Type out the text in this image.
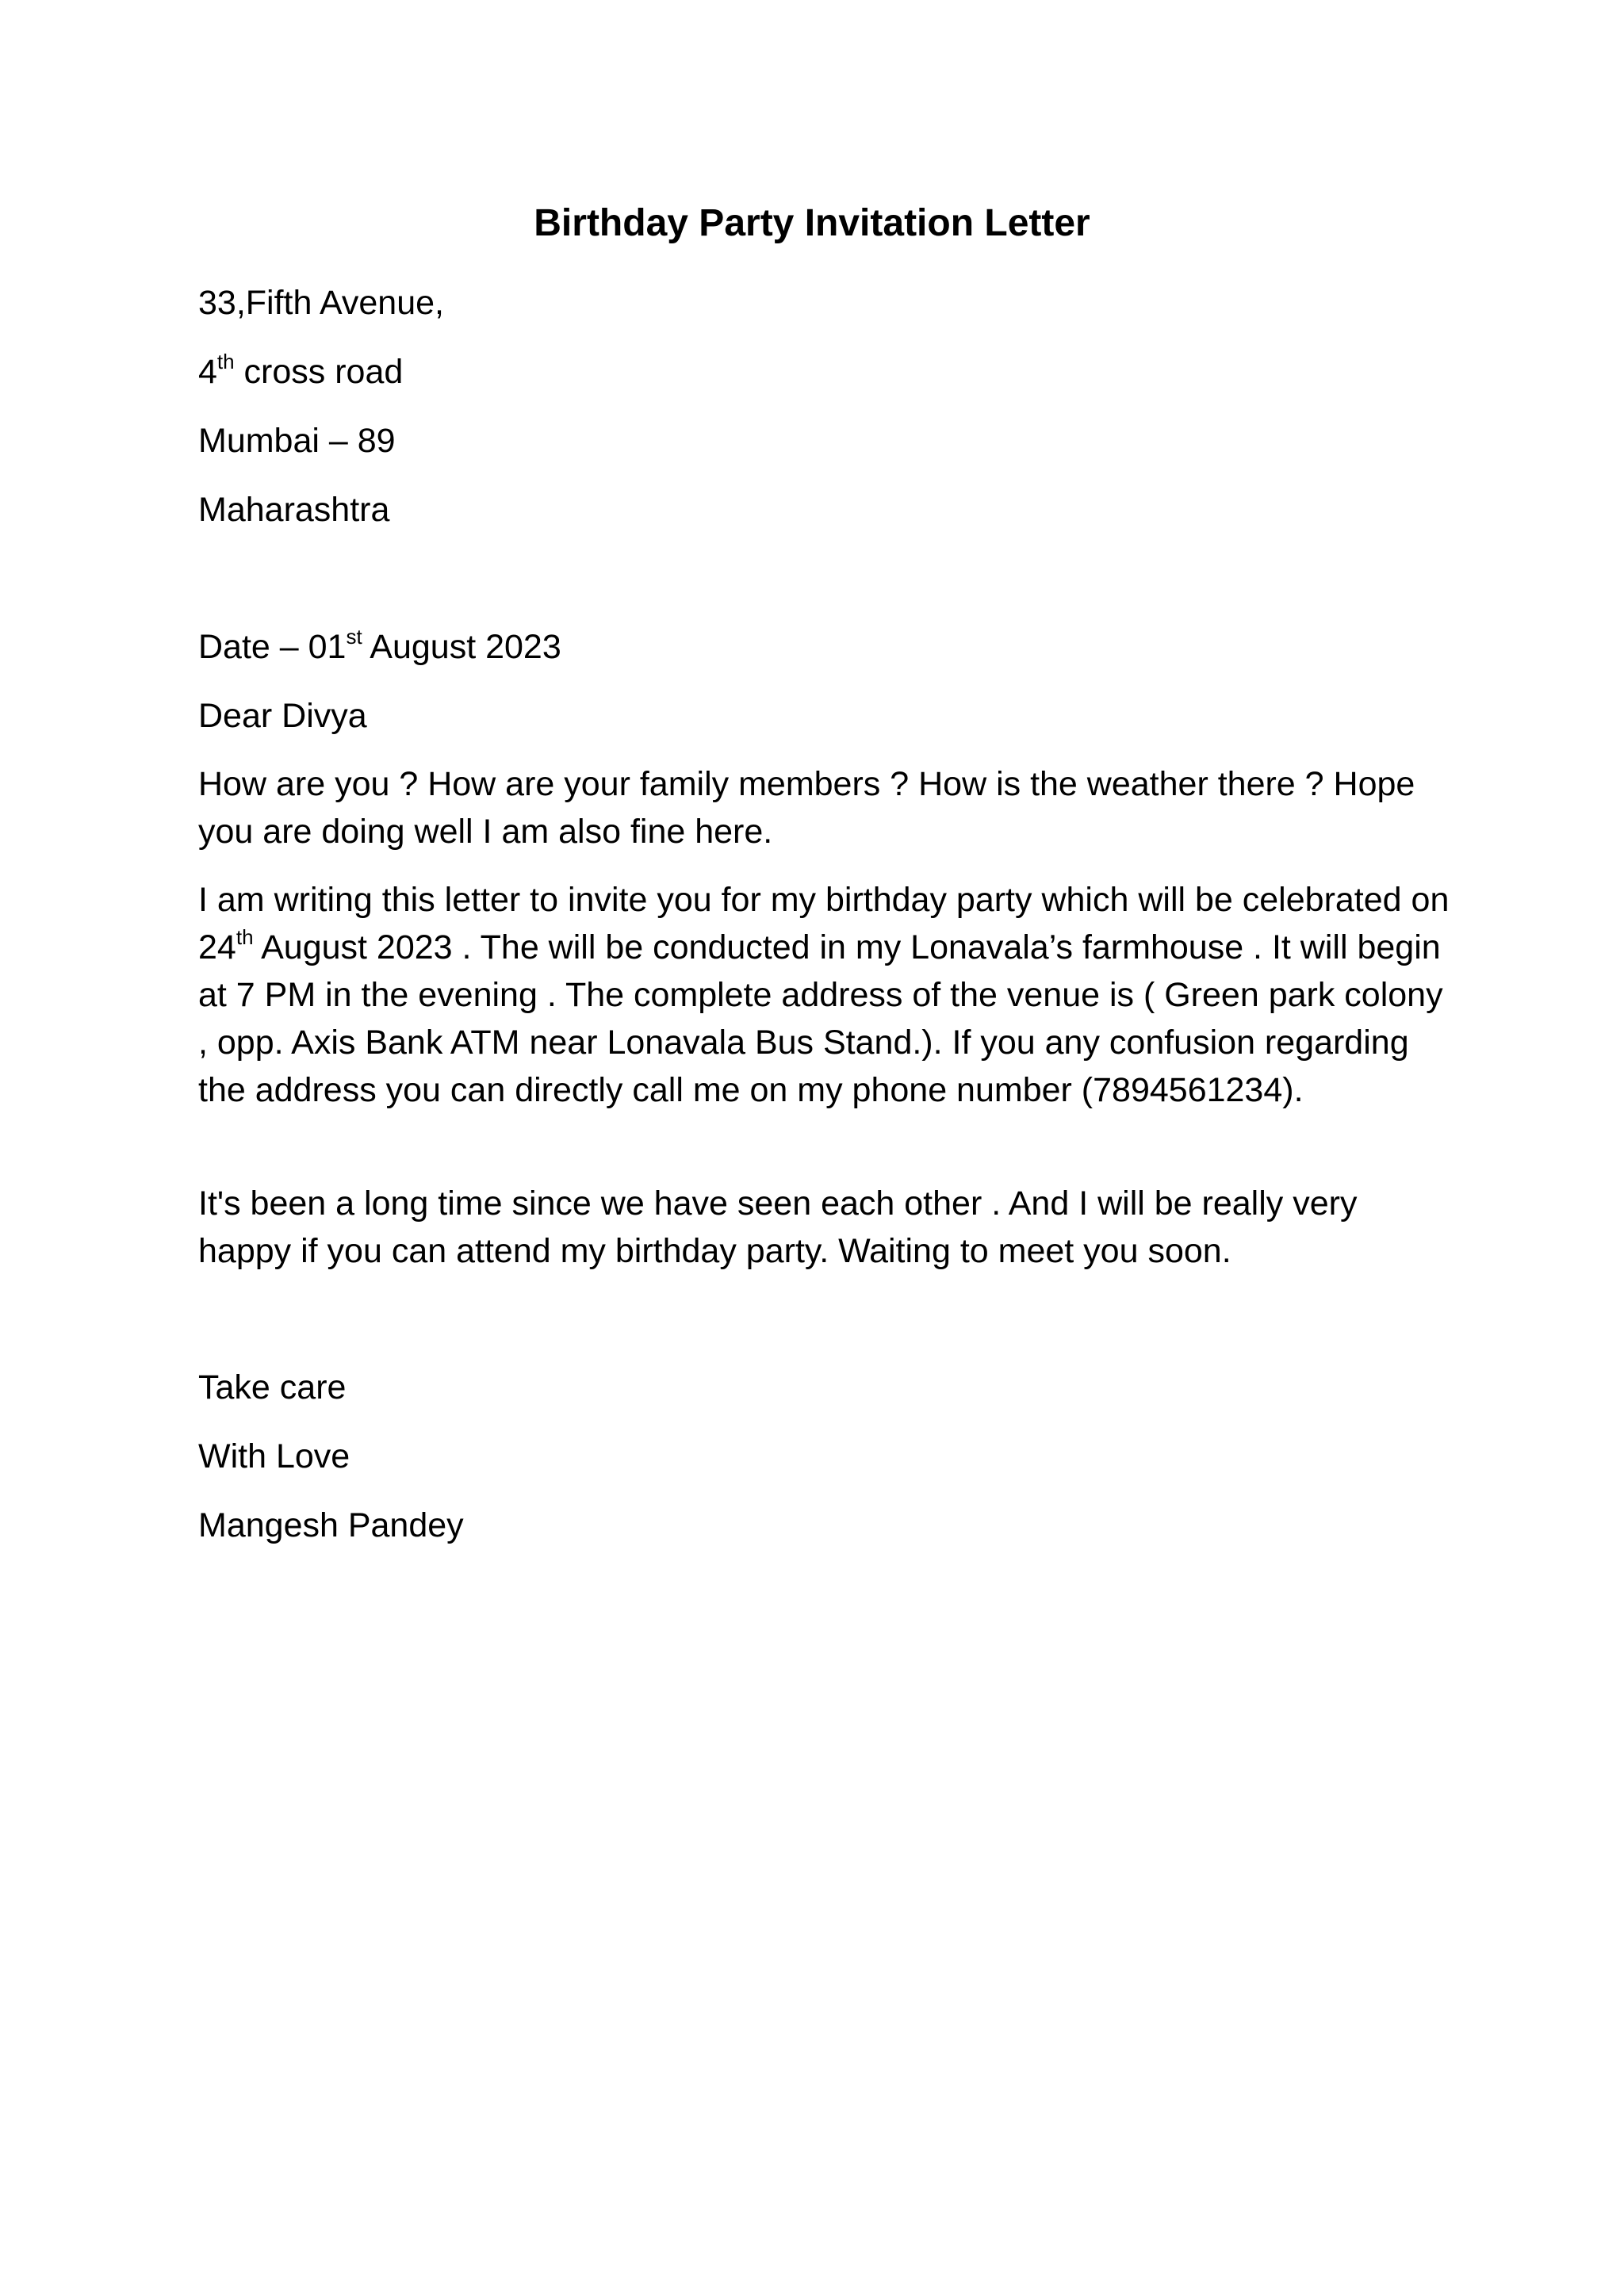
Birthday Party Invitation Letter
33,Fifth Avenue,
4th cross road
Mumbai – 89
Maharashtra
Date – 01st August 2023
Dear Divya
How are you ? How are your family members ? How is the weather there ? Hope you are doing well I am also fine here.
I am writing this letter to invite you for my birthday party which will be celebrated on 24th August 2023 . The will be conducted in my Lonavala’s farmhouse . It will begin at 7 PM in the evening . The complete address of the venue is ( Green park colony , opp. Axis Bank ATM near Lonavala Bus Stand.). If you any confusion regarding the address you can directly call me on my phone number (7894561234).
It's been a long time since we have seen each other . And I will be really very happy if you can attend my birthday party. Waiting to meet you soon.
Take care
With Love
Mangesh Pandey
